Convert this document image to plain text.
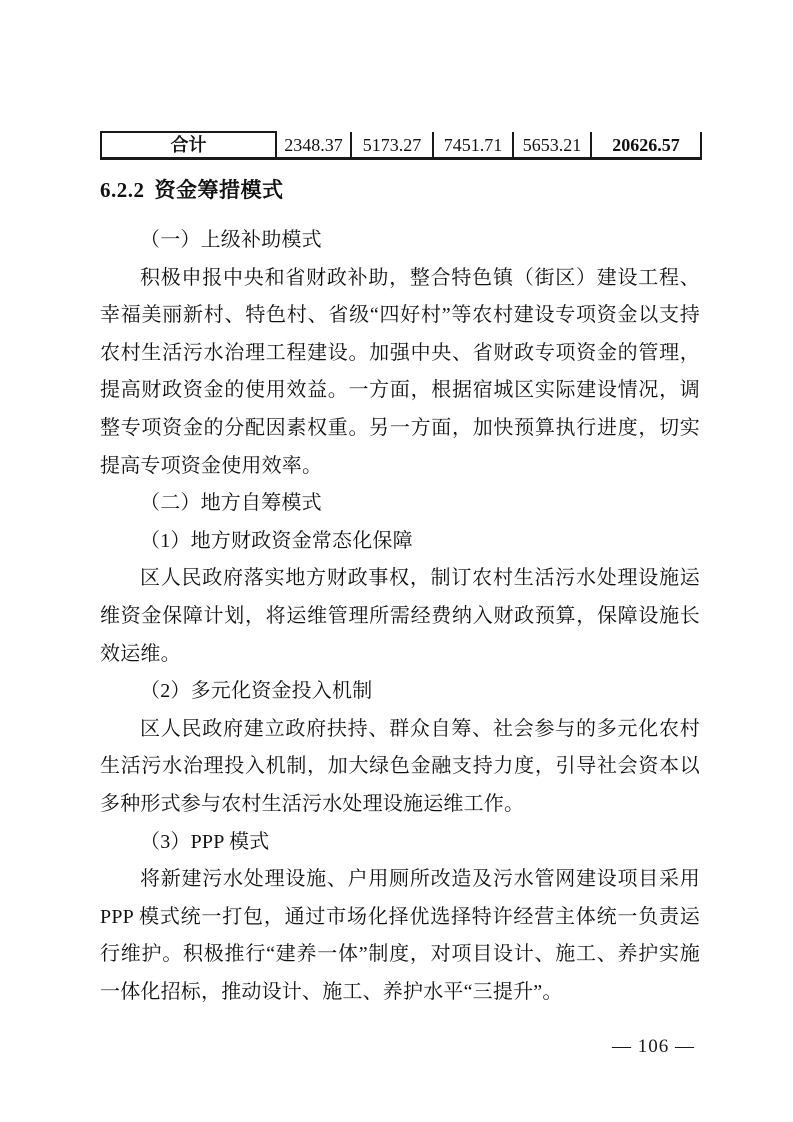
合计	2348.37	5173.27	7451.71	5653.21	20626.57
6.2.2 资金筹措模式

（一）上级补助模式

积极申报中央和省财政补助，整合特色镇（街区）建设工程、幸福美丽新村、特色村、省级“四好村”等农村建设专项资金以支持农村生活污水治理工程建设。加强中央、省财政专项资金的管理，提高财政资金的使用效益。一方面，根据宿城区实际建设情况，调整专项资金的分配因素权重。另一方面，加快预算执行进度，切实提高专项资金使用效率。

（二）地方自筹模式

（1）地方财政资金常态化保障

区人民政府落实地方财政事权，制订农村生活污水处理设施运维资金保障计划，将运维管理所需经费纳入财政预算，保障设施长效运维。

（2）多元化资金投入机制

区人民政府建立政府扶持、群众自筹、社会参与的多元化农村生活污水治理投入机制，加大绿色金融支持力度，引导社会资本以多种形式参与农村生活污水处理设施运维工作。

（3）PPP 模式

将新建污水处理设施、户用厕所改造及污水管网建设项目采用 PPP 模式统一打包，通过市场化择优选择特许经营主体统一负责运行维护。积极推行“建养一体”制度，对项目设计、施工、养护实施一体化招标，推动设计、施工、养护水平“三提升”。

— 106 —
